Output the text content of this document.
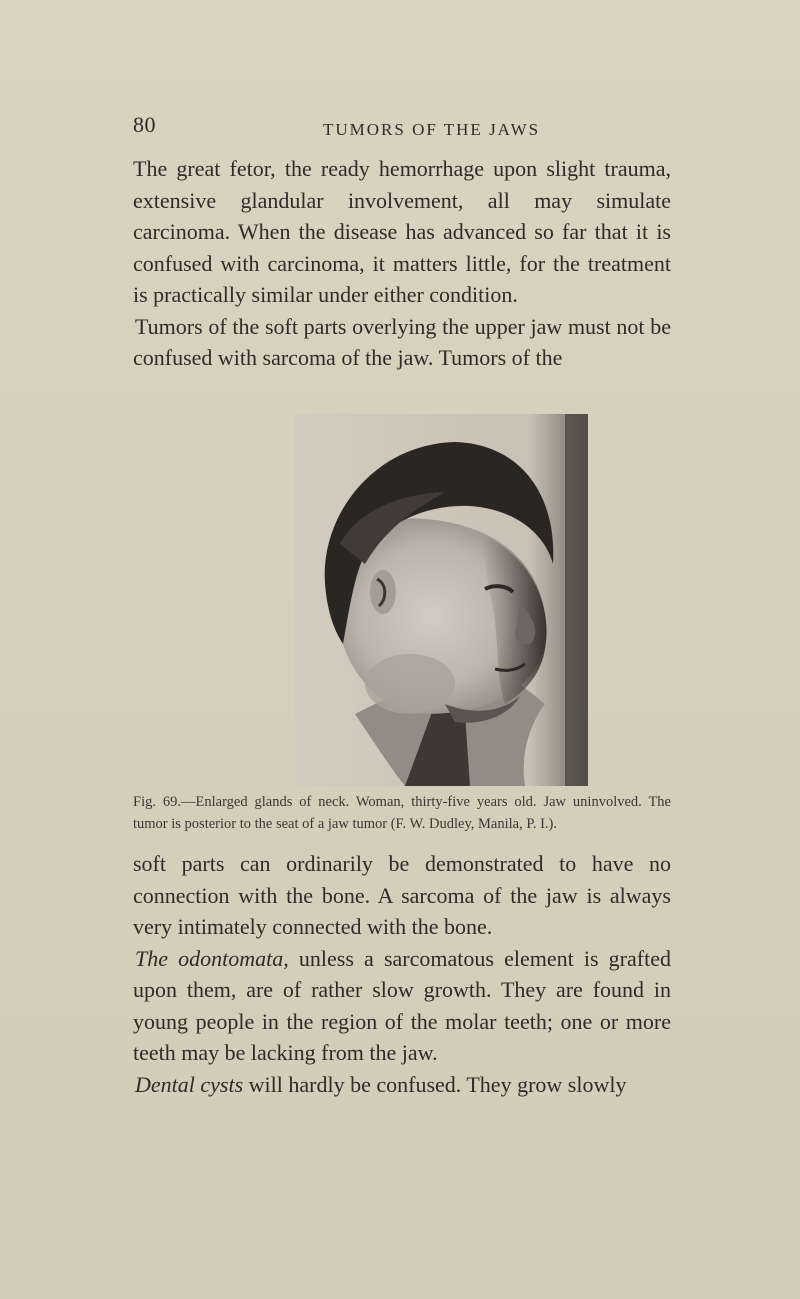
80	TUMORS OF THE JAWS

The great fetor, the ready hemorrhage upon slight trauma, extensive glandular involvement, all may simulate carcinoma. When the disease has advanced so far that it is confused with carcinoma, it matters little, for the treatment is practically similar under either condition.

Tumors of the soft parts overlying the upper jaw must not be confused with sarcoma of the jaw. Tumors of the

Fig. 69.—Enlarged glands of neck. Woman, thirty-five years old. Jaw uninvolved. The tumor is posterior to the seat of a jaw tumor (F. W. Dudley, Manila, P. I.).

soft parts can ordinarily be demonstrated to have no connection with the bone. A sarcoma of the jaw is always very intimately connected with the bone.

The odontomata, unless a sarcomatous element is grafted upon them, are of rather slow growth. They are found in young people in the region of the molar teeth; one or more teeth may be lacking from the jaw.

Dental cysts will hardly be confused. They grow slowly
